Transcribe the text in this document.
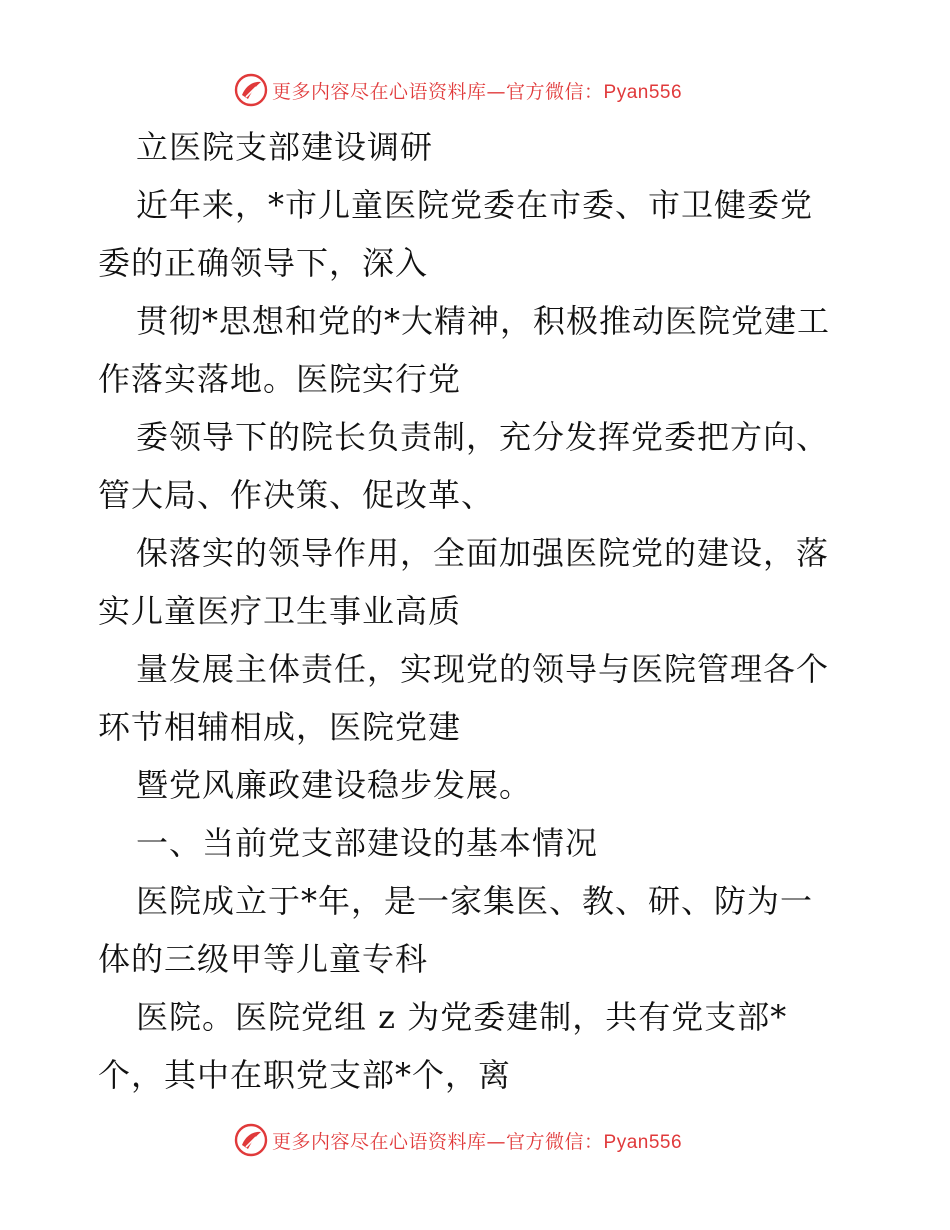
更多内容尽在心语资料库—官方微信：Pyan556
立医院支部建设调研
近年来，*市儿童医院党委在市委、市卫健委党
委的正确领导下，深入
贯彻*思想和党的*大精神，积极推动医院党建工
作落实落地。医院实行党
委领导下的院长负责制，充分发挥党委把方向、
管大局、作决策、促改革、
保落实的领导作用，全面加强医院党的建设，落
实儿童医疗卫生事业高质
量发展主体责任，实现党的领导与医院管理各个
环节相辅相成，医院党建
暨党风廉政建设稳步发展。
一、当前党支部建设的基本情况
医院成立于*年，是一家集医、教、研、防为一
体的三级甲等儿童专科
医院。医院党组 z 为党委建制，共有党支部*
个，其中在职党支部*个，离
更多内容尽在心语资料库—官方微信：Pyan556
